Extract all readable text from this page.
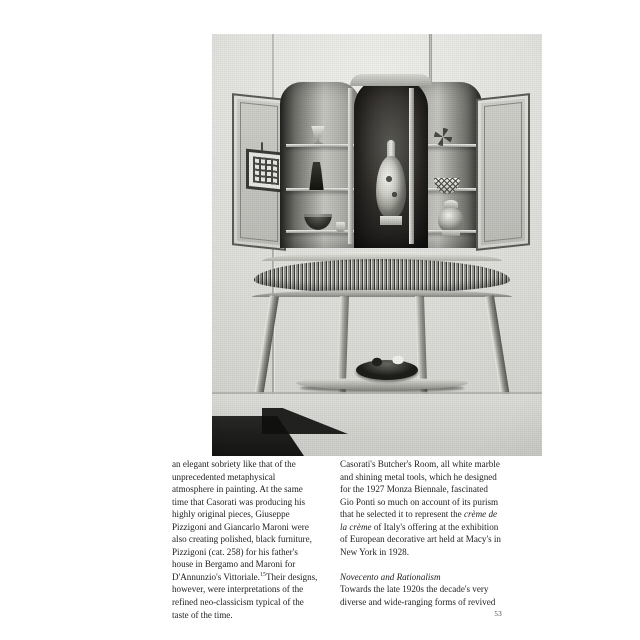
an elegant sobriety like that of the unprecedented metaphysical atmosphere in painting. At the same time that Casorati was producing his highly original pieces, Giuseppe Pizzigoni and Giancarlo Maroni were also creating polished, black furniture, Pizzigoni (cat. 258) for his father's house in Bergamo and Maroni for D'Annunzio's Vittoriale.$^{15}$Their designs, however, were interpretations of the refined neo-classicism typical of the taste of the time.

Casorati's Butcher's Room, all white marble and shining metal tools, which he designed for the 1927 Monza Biennale, fascinated Gio Ponti so much on account of its purism that he selected it to represent the crème de la crème of Italy's offering at the exhibition of European decorative art held at Macy's in New York in 1928.

Novecento and Rationalism

Towards the late 1920s the decade's very diverse and wide-ranging forms of revived

53
